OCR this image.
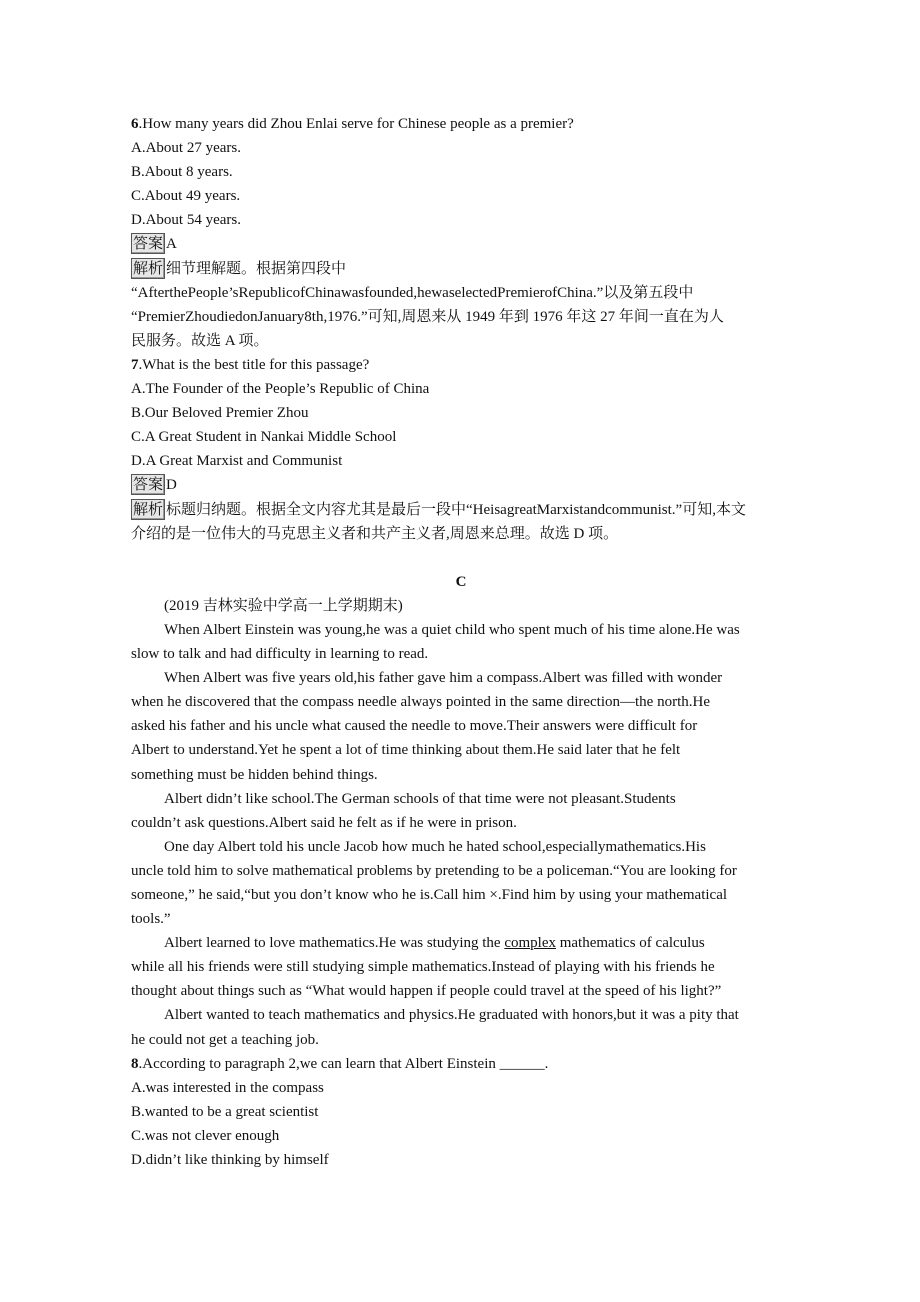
6.How many years did Zhou Enlai serve for Chinese people as a premier?
A.About 27 years.
B.About 8 years.
C.About 49 years.
D.About 54 years.
答案 A
解析 细节理解题。根据第四段中
“AfterthePeople’sRepublicofChinawasfounded,hewaselectedPremierofChina.”以及第五段中
“PremierZhoudiedonJanuary8th,1976.”可知,周恩来从 1949 年到 1976 年这 27 年间一直在为人
民服务。故选 A 项。
7.What is the best title for this passage?
A.The Founder of the People’s Republic of China
B.Our Beloved Premier Zhou
C.A Great Student in Nankai Middle School
D.A Great Marxist and Communist
答案 D
解析 标题归纳题。根据全文内容尤其是最后一段中“HeisagreatMarxistandcommunist.”可知,本文
介绍的是一位伟大的马克思主义者和共产主义者,周恩来总理。故选 D 项。
C
(2019 吉林实验中学高一上学期期末)
When Albert Einstein was young,he was a quiet child who spent much of his time alone.He was
slow to talk and had difficulty in learning to read.
When Albert was five years old,his father gave him a compass.Albert was filled with wonder
when he discovered that the compass needle always pointed in the same direction—the north.He
asked his father and his uncle what caused the needle to move.Their answers were difficult for
Albert to understand.Yet he spent a lot of time thinking about them.He said later that he felt
something must be hidden behind things.
Albert didn’t like school.The German schools of that time were not pleasant.Students
couldn’t ask questions.Albert said he felt as if he were in prison.
One day Albert told his uncle Jacob how much he hated school,especiallymathematics.His
uncle told him to solve mathematical problems by pretending to be a policeman.“You are looking for
someone,” he said,“but you don’t know who he is.Call him ×.Find him by using your mathematical
tools.”
Albert learned to love mathematics.He was studying the complex mathematics of calculus
while all his friends were still studying simple mathematics.Instead of playing with his friends he
thought about things such as “What would happen if people could travel at the speed of his light?”
Albert wanted to teach mathematics and physics.He graduated with honors,but it was a pity that
he could not get a teaching job.
8.According to paragraph 2,we can learn that Albert Einstein ______.
A.was interested in the compass
B.wanted to be a great scientist
C.was not clever enough
D.didn’t like thinking by himself
